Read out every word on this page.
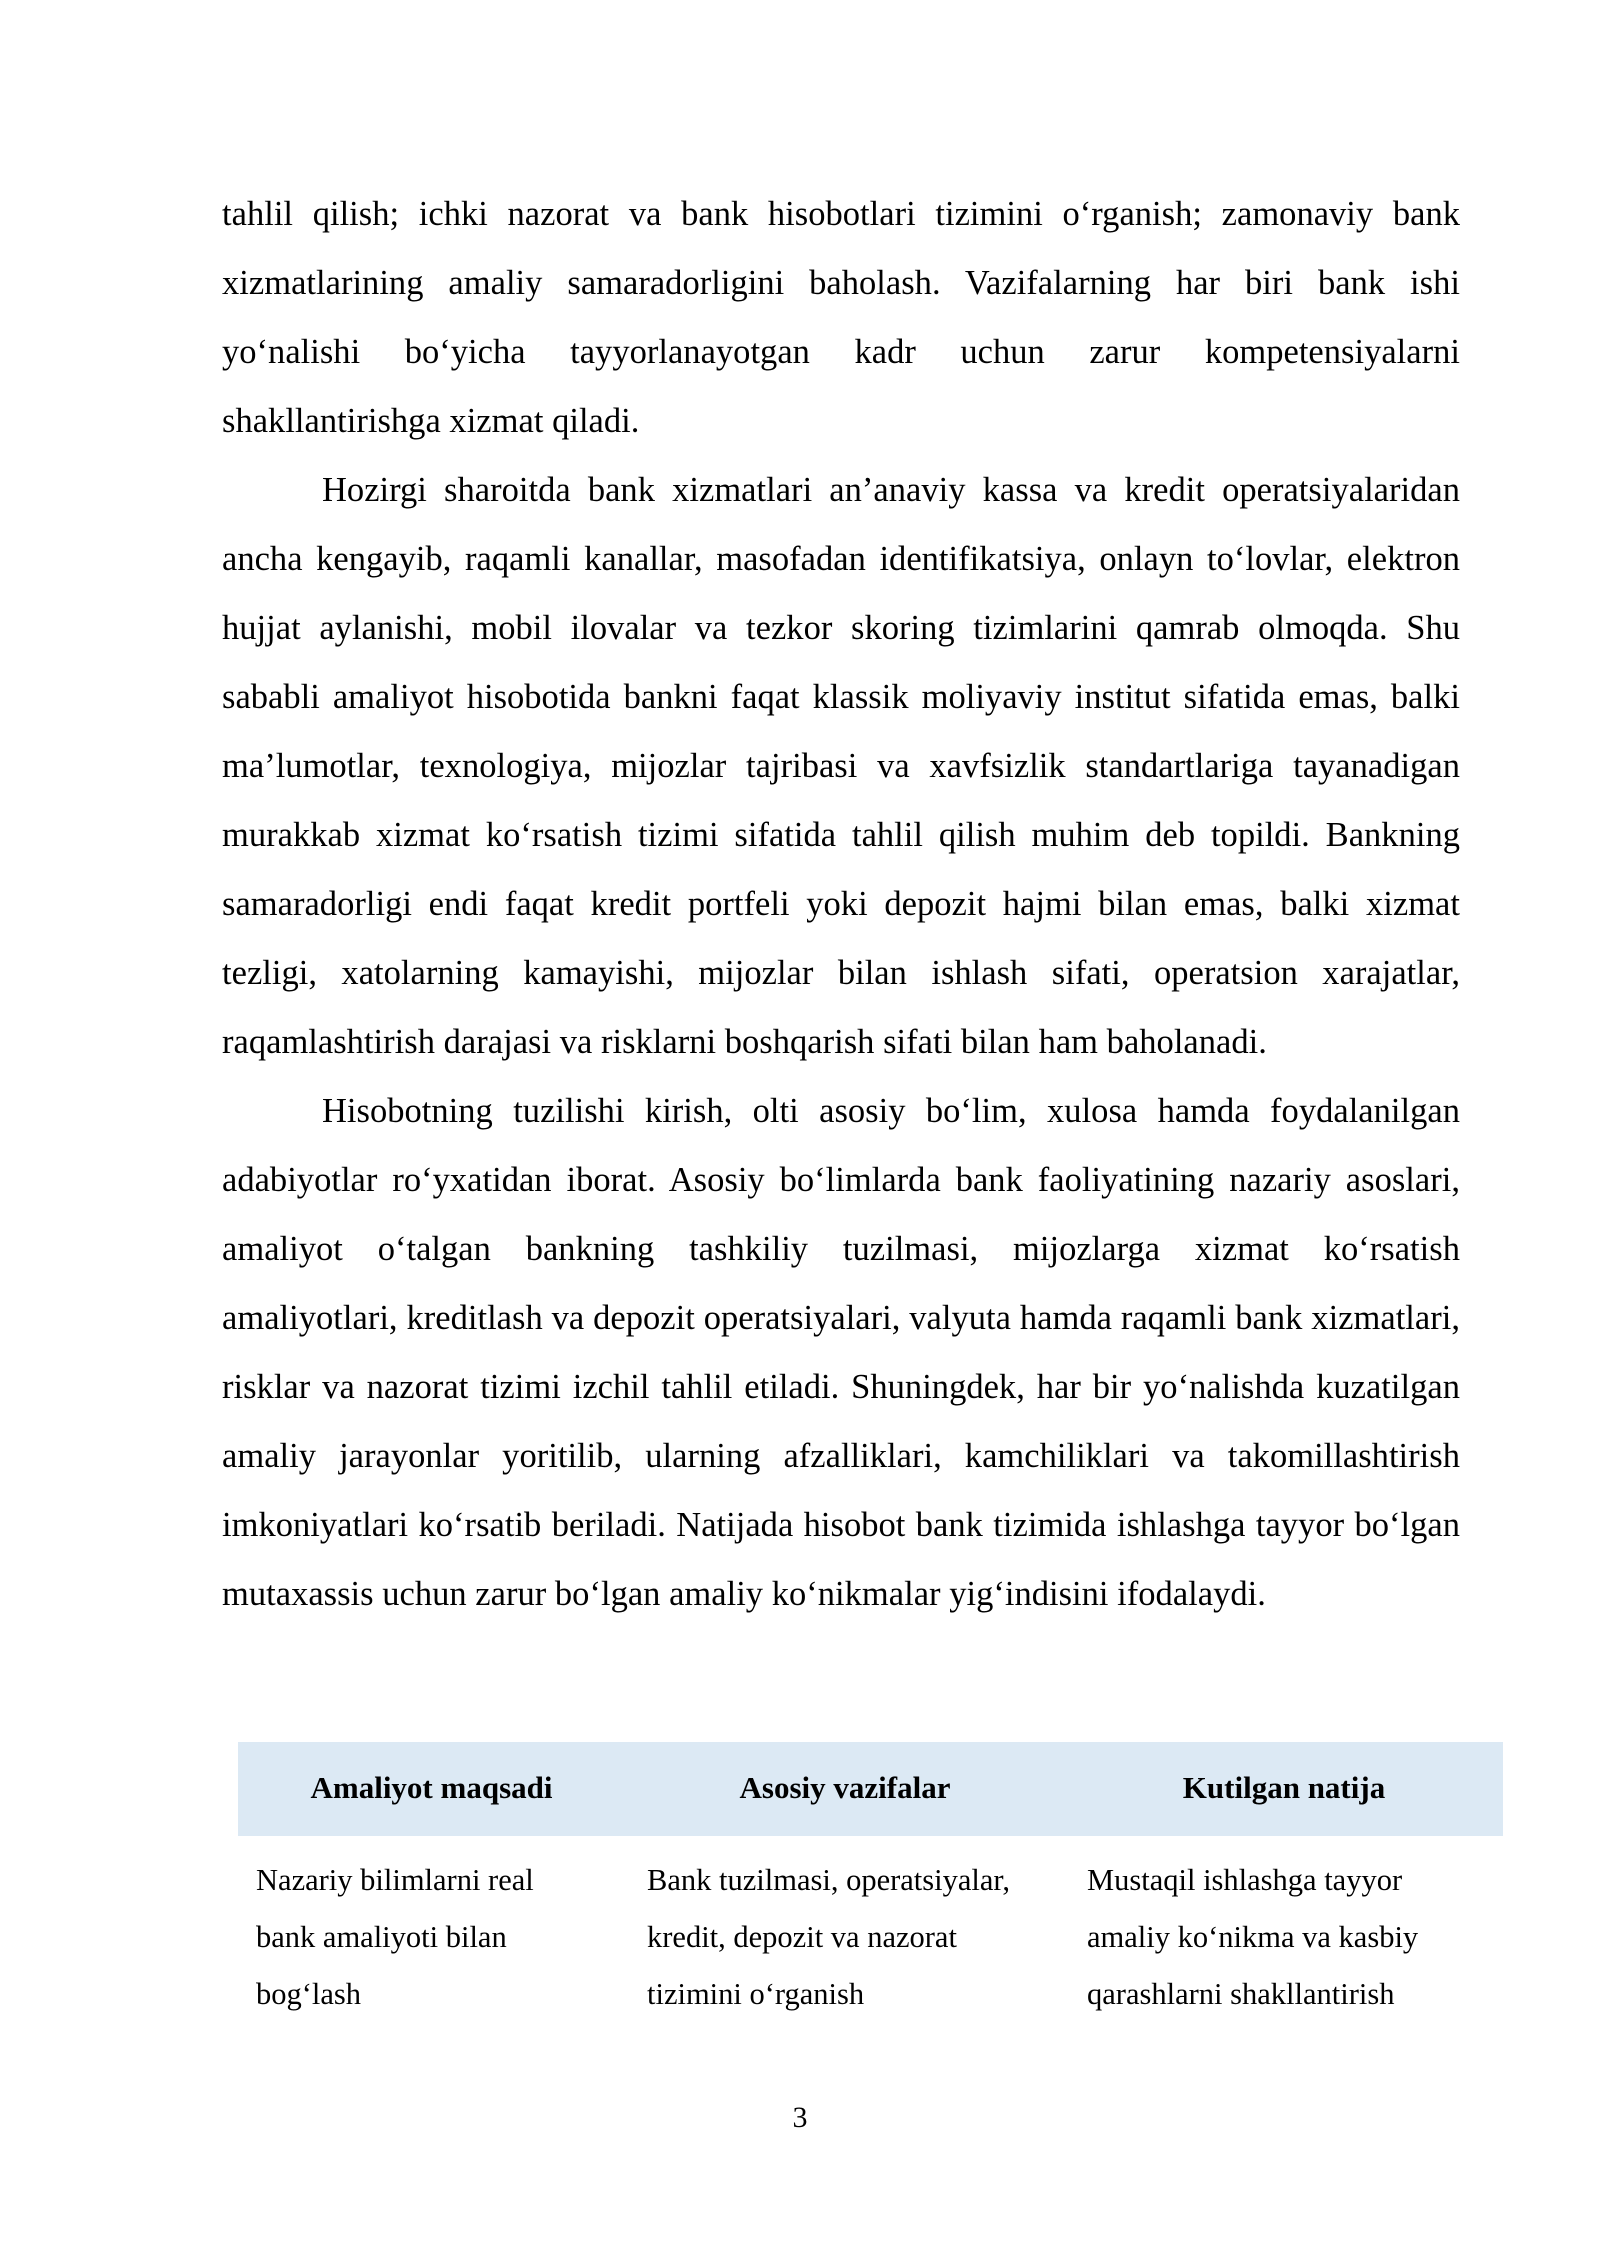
tahlil qilish; ichki nazorat va bank hisobotlari tizimini o‘rganish; zamonaviy bank xizmatlarining amaliy samaradorligini baholash. Vazifalarning har biri bank ishi yo‘nalishi bo‘yicha tayyorlanayotgan kadr uchun zarur kompetensiyalarni shakllantirishga xizmat qiladi.

Hozirgi sharoitda bank xizmatlari an’anaviy kassa va kredit operatsiyalaridan ancha kengayib, raqamli kanallar, masofadan identifikatsiya, onlayn to‘lovlar, elektron hujjat aylanishi, mobil ilovalar va tezkor skoring tizimlarini qamrab olmoqda. Shu sababli amaliyot hisobotida bankni faqat klassik moliyaviy institut sifatida emas, balki ma’lumotlar, texnologiya, mijozlar tajribasi va xavfsizlik standartlariga tayanadigan murakkab xizmat ko‘rsatish tizimi sifatida tahlil qilish muhim deb topildi. Bankning samaradorligi endi faqat kredit portfeli yoki depozit hajmi bilan emas, balki xizmat tezligi, xatolarning kamayishi, mijozlar bilan ishlash sifati, operatsion xarajatlar, raqamlashtirish darajasi va risklarni boshqarish sifati bilan ham baholanadi.

Hisobotning tuzilishi kirish, olti asosiy bo‘lim, xulosa hamda foydalanilgan adabiyotlar ro‘yxatidan iborat. Asosiy bo‘limlarda bank faoliyatining nazariy asoslari, amaliyot o‘talgan bankning tashkiliy tuzilmasi, mijozlarga xizmat ko‘rsatish amaliyotlari, kreditlash va depozit operatsiyalari, valyuta hamda raqamli bank xizmatlari, risklar va nazorat tizimi izchil tahlil etiladi. Shuningdek, har bir yo‘nalishda kuzatilgan amaliy jarayonlar yoritilib, ularning afzalliklari, kamchiliklari va takomillashtirish imkoniyatlari ko‘rsatib beriladi. Natijada hisobot bank tizimida ishlashga tayyor bo‘lgan mutaxassis uchun zarur bo‘lgan amaliy ko‘nikmalar yig‘indisini ifodalaydi.

Amaliyot maqsadi	Asosiy vazifalar	Kutilgan natija
Nazariy bilimlarni real bank amaliyoti bilan bog‘lash	Bank tuzilmasi, operatsiyalar, kredit, depozit va nazorat tizimini o‘rganish	Mustaqil ishlashga tayyor amaliy ko‘nikma va kasbiy qarashlarni shakllantirish
3
